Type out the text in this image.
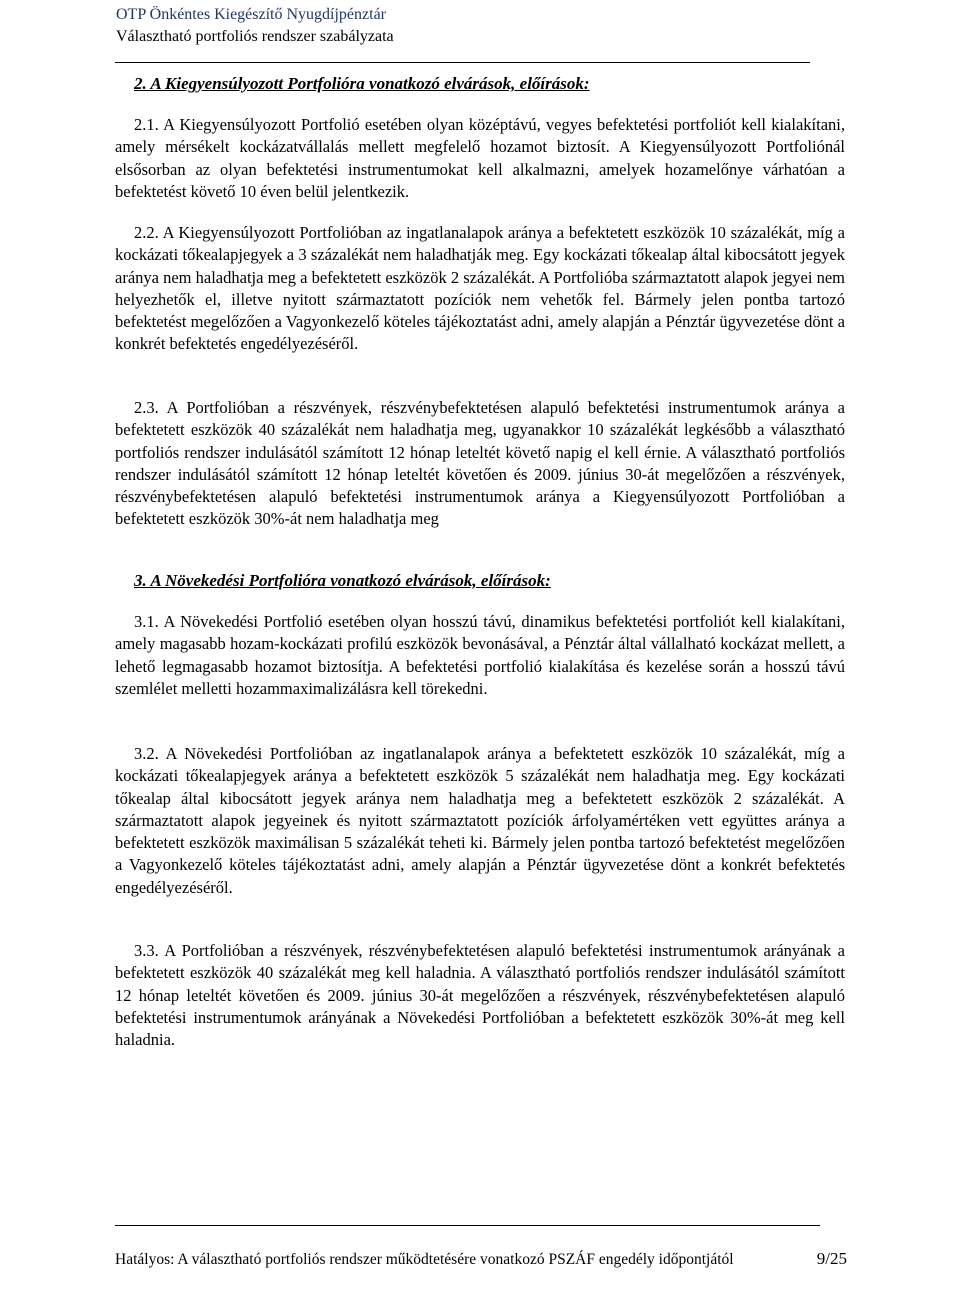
OTP Önkéntes Kiegészítő Nyugdíjpénztár
Választható portfoliós rendszer szabályzata
2. A Kiegyensúlyozott Portfolióra vonatkozó elvárások, előírások:

2.1. A Kiegyensúlyozott Portfolió esetében olyan középtávú, vegyes befektetési portfoliót kell kialakítani, amely mérsékelt kockázatvállalás mellett megfelelő hozamot biztosít. A Kiegyensúlyozott Portfoliónál elsősorban az olyan befektetési instrumentumokat kell alkalmazni, amelyek hozamelőnye várhatóan a befektetést követő 10 éven belül jelentkezik.

2.2. A Kiegyensúlyozott Portfolióban az ingatlanalapok aránya a befektetett eszközök 10 százalékát, míg a kockázati tőkealapjegyek a 3 százalékát nem haladhatják meg. Egy kockázati tőkealap által kibocsátott jegyek aránya nem haladhatja meg a befektetett eszközök 2 százalékát. A Portfolióba származtatott alapok jegyei nem helyezhetők el, illetve nyitott származtatott pozíciók nem vehetők fel. Bármely jelen pontba tartozó befektetést megelőzően a Vagyonkezelő köteles tájékoztatást adni, amely alapján a Pénztár ügyvezetése dönt a konkrét befektetés engedélyezéséről.

2.3. A Portfolióban a részvények, részvénybefektetésen alapuló befektetési instrumentumok aránya a befektetett eszközök 40 százalékát nem haladhatja meg, ugyanakkor 10 százalékát legkésőbb a választható portfoliós rendszer indulásától számított 12 hónap leteltét követő napig el kell érnie. A választható portfoliós rendszer indulásától számított 12 hónap leteltét követően és 2009. június 30-át megelőzően a részvények, részvénybefektetésen alapuló befektetési instrumentumok aránya a Kiegyensúlyozott Portfolióban a befektetett eszközök 30%-át nem haladhatja meg

3. A Növekedési Portfolióra vonatkozó elvárások, előírások:

3.1. A Növekedési Portfolió esetében olyan hosszú távú, dinamikus befektetési portfoliót kell kialakítani, amely magasabb hozam-kockázati profilú eszközök bevonásával, a Pénztár által vállalható kockázat mellett, a lehető legmagasabb hozamot biztosítja. A befektetési portfolió kialakítása és kezelése során a hosszú távú szemlélet melletti hozammaximalizálásra kell törekedni.

3.2. A Növekedési Portfolióban az ingatlanalapok aránya a befektetett eszközök 10 százalékát, míg a kockázati tőkealapjegyek aránya a befektetett eszközök 5 százalékát nem haladhatja meg. Egy kockázati tőkealap által kibocsátott jegyek aránya nem haladhatja meg a befektetett eszközök 2 százalékát. A származtatott alapok jegyeinek és nyitott származtatott pozíciók árfolyamértéken vett együttes aránya a befektetett eszközök maximálisan 5 százalékát teheti ki. Bármely jelen pontba tartozó befektetést megelőzően a Vagyonkezelő köteles tájékoztatást adni, amely alapján a Pénztár ügyvezetése dönt a konkrét befektetés engedélyezéséről.

3.3. A Portfolióban a részvények, részvénybefektetésen alapuló befektetési instrumentumok arányának a befektetett eszközök 40 százalékát meg kell haladnia. A választható portfoliós rendszer indulásától számított 12 hónap leteltét követően és 2009. június 30-át megelőzően a részvények, részvénybefektetésen alapuló befektetési instrumentumok arányának a Növekedési Portfolióban a befektetett eszközök 30%-át meg kell haladnia.

Hatályos: A választható portfoliós rendszer működtetésére vonatkozó PSZÁF engedély időpontjától	9/25
